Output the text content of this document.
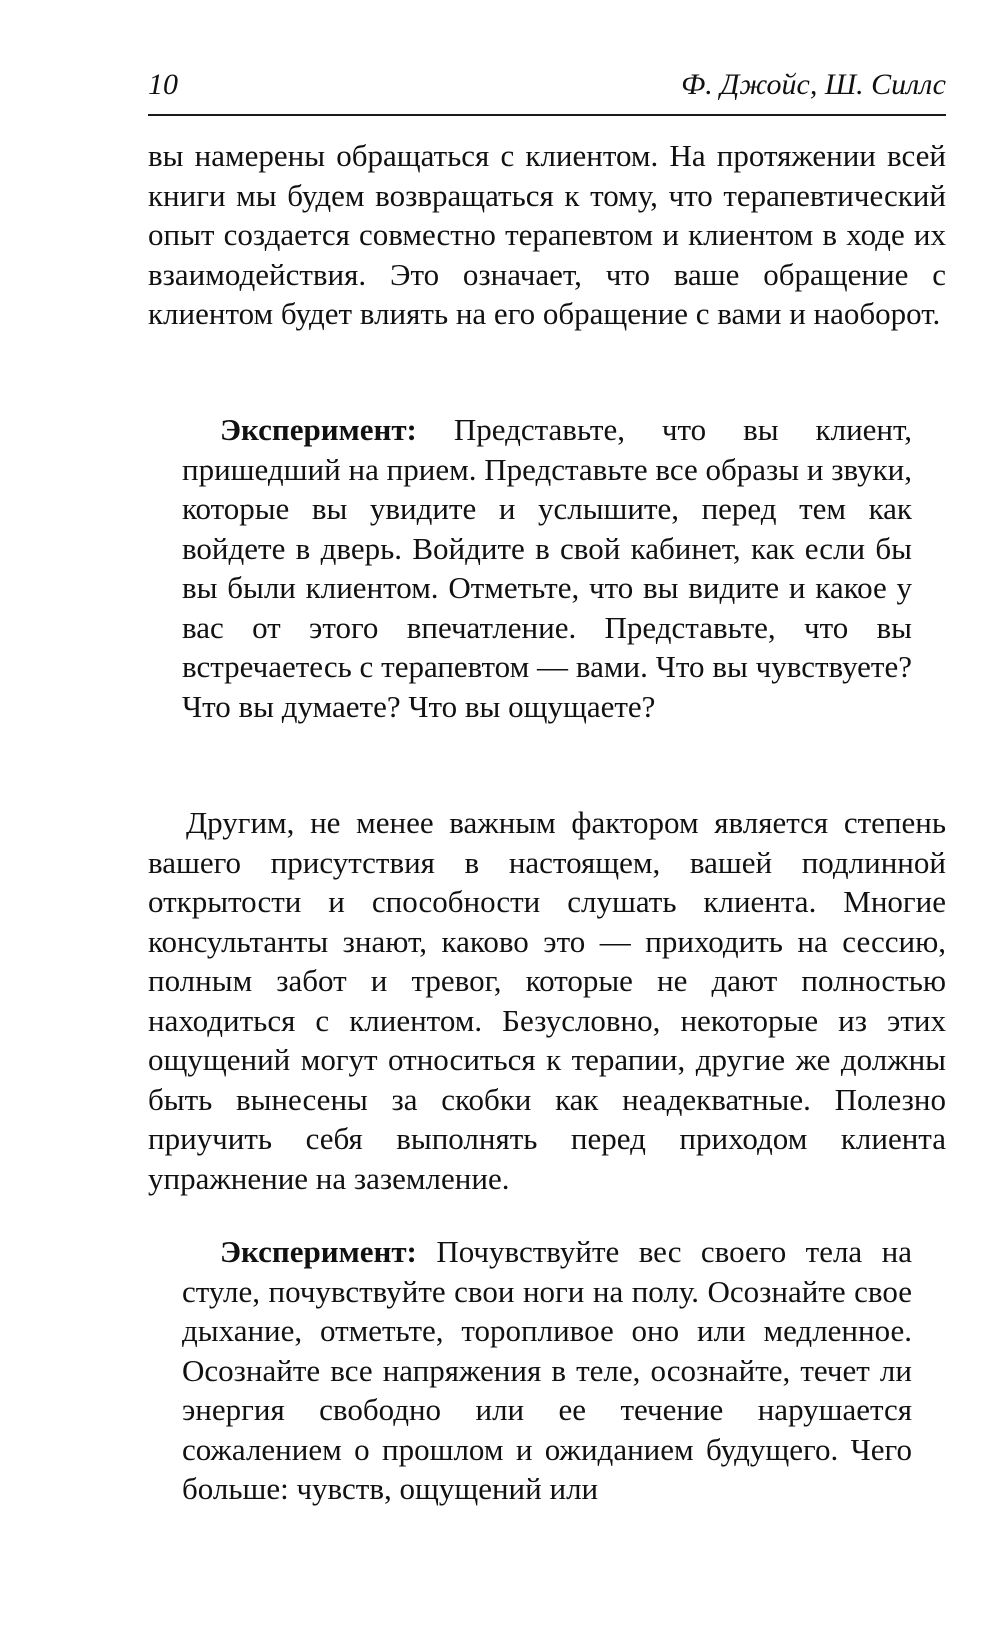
10	Ф. Джойс, Ш. Силлс

вы намерены обращаться с клиентом. На протяжении всей книги мы будем возвращаться к тому, что терапевтический опыт создается совместно терапевтом и клиентом в ходе их взаимодействия. Это означает, что ваше обращение с клиентом будет влиять на его обращение с вами и наоборот.

Эксперимент: Представьте, что вы клиент, пришедший на прием. Представьте все образы и звуки, которые вы увидите и услышите, перед тем как войдете в дверь. Войдите в свой кабинет, как если бы вы были клиентом. Отметьте, что вы видите и какое у вас от этого впечатление. Представьте, что вы встречаетесь с терапевтом — вами. Что вы чувствуете? Что вы думаете? Что вы ощущаете?

Другим, не менее важным фактором является степень вашего присутствия в настоящем, вашей подлинной открытости и способности слушать клиента. Многие консультанты знают, каково это — приходить на сессию, полным забот и тревог, которые не дают полностью находиться с клиентом. Безусловно, некоторые из этих ощущений могут относиться к терапии, другие же должны быть вынесены за скобки как неадекватные. Полезно приучить себя выполнять перед приходом клиента упражнение на заземление.

Эксперимент: Почувствуйте вес своего тела на стуле, почувствуйте свои ноги на полу. Осознайте свое дыхание, отметьте, торопливое оно или медленное. Осознайте все напряжения в теле, осознайте, течет ли энергия свободно или ее течение нарушается сожалением о прошлом и ожиданием будущего. Чего больше: чувств, ощущений или
